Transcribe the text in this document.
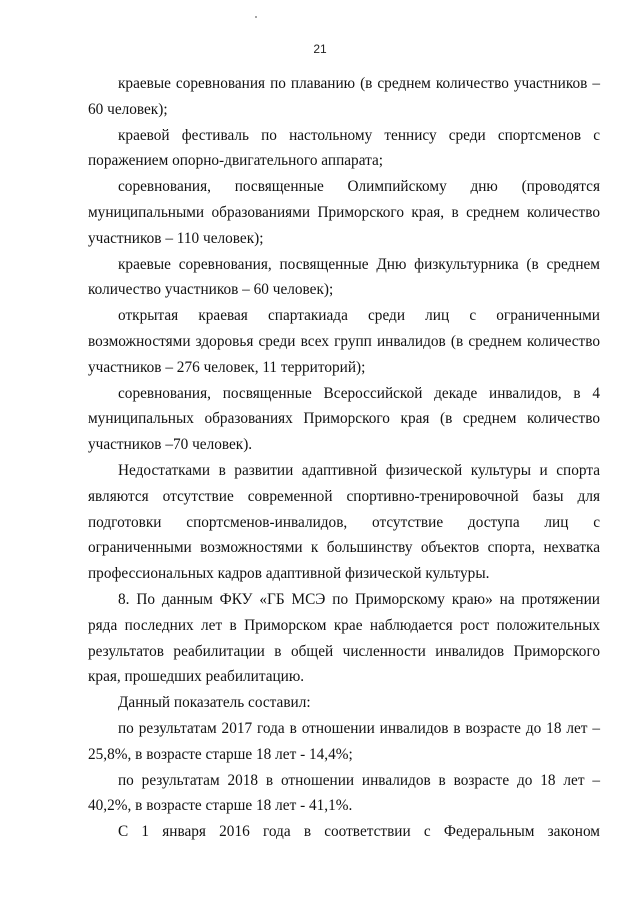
21

краевые соревнования по плаванию (в среднем количество участников – 60 человек);

краевой фестиваль по настольному теннису среди спортсменов с поражением опорно-двигательного аппарата;

соревнования, посвященные Олимпийскому дню (проводятся муниципальными образованиями Приморского края, в среднем количество участников – 110 человек);

краевые соревнования, посвященные Дню физкультурника (в среднем количество участников – 60 человек);

открытая краевая спартакиада среди лиц с ограниченными возможностями здоровья среди всех групп инвалидов (в среднем количество участников – 276 человек, 11 территорий);

соревнования, посвященные Всероссийской декаде инвалидов, в 4 муниципальных образованиях Приморского края (в среднем количество участников –70 человек).

Недостатками в развитии адаптивной физической культуры и спорта являются отсутствие современной спортивно-тренировочной базы для подготовки спортсменов-инвалидов, отсутствие доступа лиц с ограниченными возможностями к большинству объектов спорта, нехватка профессиональных кадров адаптивной физической культуры.

8. По данным ФКУ «ГБ МСЭ по Приморскому краю» на протяжении ряда последних лет в Приморском крае наблюдается рост положительных результатов реабилитации в общей численности инвалидов Приморского края, прошедших реабилитацию.

Данный показатель составил:

по результатам 2017 года в отношении инвалидов в возрасте до 18 лет – 25,8%, в возрасте старше 18 лет - 14,4%;

по результатам 2018 в отношении инвалидов в возрасте до 18 лет – 40,2%, в возрасте старше 18 лет - 41,1%.

С 1 января 2016 года в соответствии с Федеральным законом
